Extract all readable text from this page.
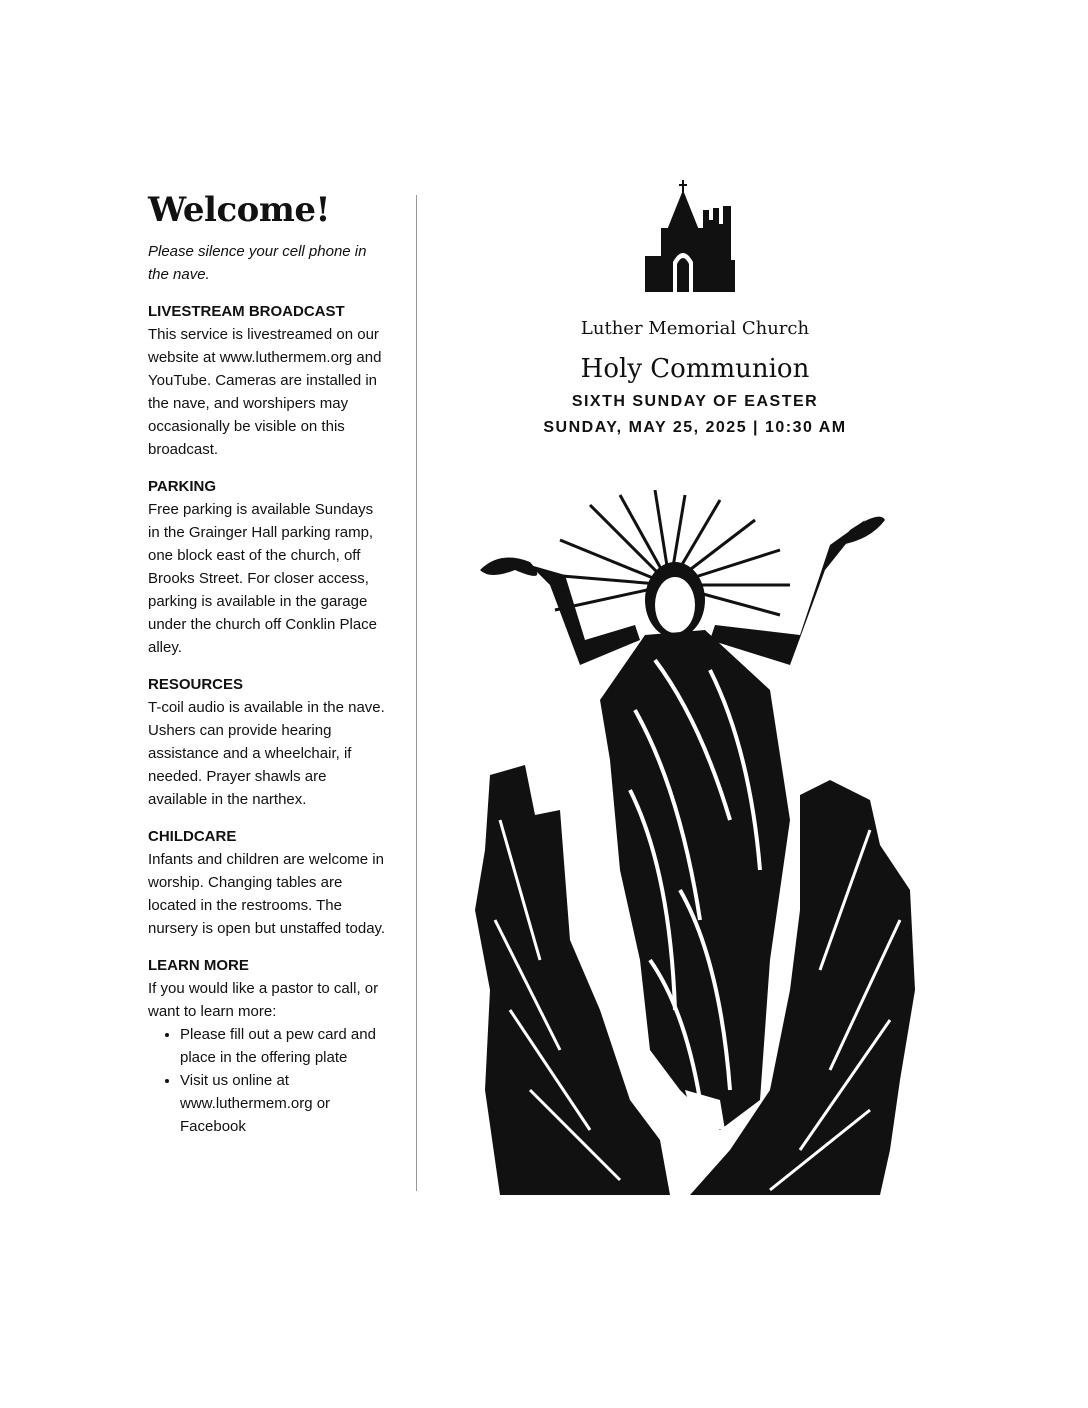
Welcome!

Please silence your cell phone in the nave.

LIVESTREAM BROADCAST

This service is livestreamed on our website at www.luthermem.org and YouTube. Cameras are installed in the nave, and worshipers may occasionally be visible on this broadcast.

PARKING

Free parking is available Sundays in the Grainger Hall parking ramp, one block east of the church, off Brooks Street. For closer access, parking is available in the garage under the church off Conklin Place alley.

RESOURCES

T-coil audio is available in the nave. Ushers can provide hearing assistance and a wheelchair, if needed. Prayer shawls are available in the narthex.

CHILDCARE

Infants and children are welcome in worship. Changing tables are located in the restrooms. The nursery is open but unstaffed today.

LEARN MORE

If you would like a pastor to call, or want to learn more:

• Please fill out a pew card and place in the offering plate
• Visit us online at www.luthermem.org or Facebook

Luther Memorial Church

Holy Communion

SIXTH SUNDAY OF EASTER

SUNDAY, MAY 25, 2025 | 10:30 AM
